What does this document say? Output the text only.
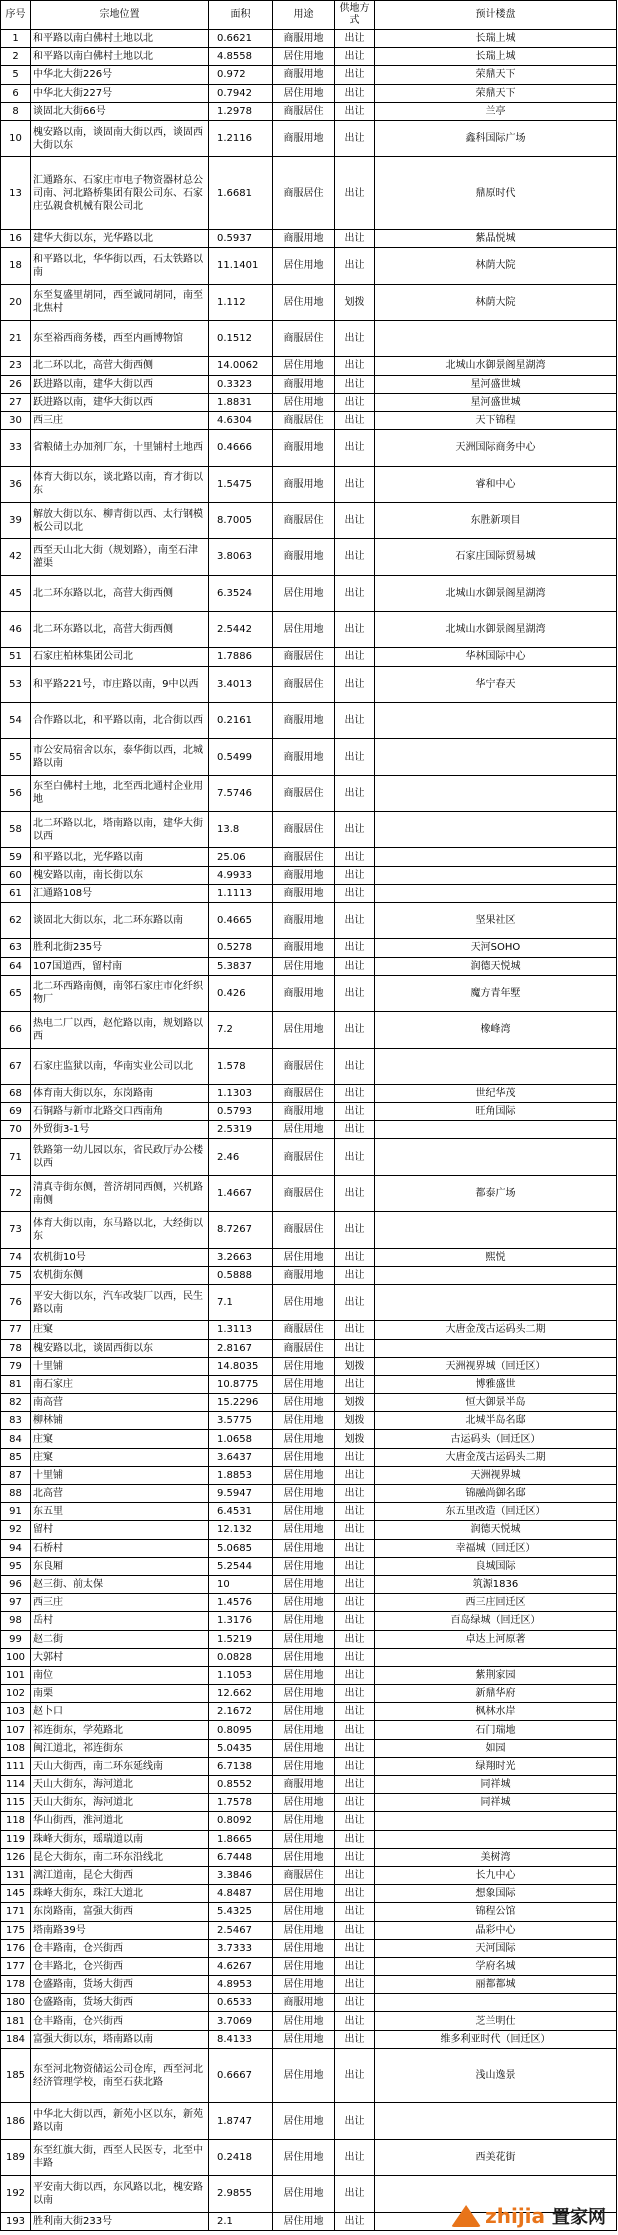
序号	宗地位置	面积	用途	供地方式	预计楼盘
1	和平路以南白佛村土地以北	0.6621	商服用地	出让	长瑞上城
2	和平路以南白佛村土地以北	4.8558	居住用地	出让	长瑞上城
5	中华北大街226号	0.972	商服用地	出让	荣鼎天下
6	中华北大街227号	0.7942	居住用地	出让	荣鼎天下
8	谈固北大街66号	1.2978	商服居住	出让	兰亭
10	槐安路以南，谈固南大街以西，谈固西大街以东	1.2116	商服用地	出让	鑫科国际广场
13	汇通路东、石家庄市电子物资器材总公司南、河北路桥集团有限公司东、石家庄弘親食机械有限公司北	1.6681	商服居住	出让	鼎原时代
16	建华大街以东，光华路以北	0.5937	商服用地	出让	紫晶悦城
18	和平路以北，华华街以西，石太铁路以南	11.1401	居住用地	出让	林荫大院
20	东至复盛里胡同，西至诚同胡同，南至北焦村	1.112	居住用地	划拨	林荫大院
21	东至裕西商务楼，西至内画博物馆	0.1512	商服居住	出让	
23	北二环以北，高营大街西侧	14.0062	居住用地	出让	北城山水御景阁星湖湾
26	跃进路以南，建华大街以西	0.3323	商服用地	出让	星河盛世城
27	跃进路以南，建华大街以西	1.8831	居住用地	出让	星河盛世城
30	西三庄	4.6304	商服居住	出让	天下锦程
33	省粮储土办加剂厂东，十里铺村土地西	0.4666	商服用地	出让	天洲国际商务中心
36	体育大街以东，谈北路以南，育才街以东	1.5475	商服用地	出让	睿和中心
39	解放大街以东、柳青街以西、太行钢模板公司以北	8.7005	商服居住	出让	东胜新项目
42	西至天山北大街（规划路），南至石津灌渠	3.8063	商服用地	出让	石家庄国际贸易城
45	北二环东路以北，高营大街西侧	6.3524	居住用地	出让	北城山水御景阁星湖湾
46	北二环东路以北，高营大街西侧	2.5442	居住用地	出让	北城山水御景阁星湖湾
51	石家庄柏林集团公司北	1.7886	商服居住	出让	华林国际中心
53	和平路221号，市庄路以南，9中以西	3.4013	商服居住	出让	华宁春天
54	合作路以北，和平路以南，北合街以西	0.2161	商服用地	出让	
55	市公安局宿舍以东，泰华街以西，北城路以南	0.5499	商服用地	出让	
56	东至白佛村土地，北至西北通村企业用地	7.5746	商服居住	出让	
58	北二环路以北，塔南路以南，建华大街以西	13.8	商服居住	出让	
59	和平路以北，光华路以南	25.06	商服居住	出让	
60	槐安路以南，南长街以东	4.9933	商服用地	出让	
61	汇通路108号	1.1113	商服用地	出让	
62	谈固北大街以东，北二环东路以南	0.4665	商服用地	出让	坚果社区
63	胜利北街235号	0.5278	商服用地	出让	天河SOHO
64	107国道西，留村南	5.3837	居住用地	出让	润德天悦城
65	北二环西路南侧，南邻石家庄市化纤织物厂	0.426	商服用地	出让	魔方青年墅
66	热电二厂以西，赵佗路以南，规划路以西	7.2	居住用地	出让	橡峰湾
67	石家庄监狱以南，华南实业公司以北	1.578	商服居住	出让	
68	体育南大街以东，东岗路南	1.1303	商服居住	出让	世纪华茂
69	石铜路与新市北路交口西南角	0.5793	商服用地	出让	旺角国际
70	外贸街3-1号	2.5319	居住用地	出让	
71	铁路第一幼儿园以东，省民政厅办公楼以西	2.46	商服居住	出让	
72	清真寺街东侧，普济胡同西侧，兴机路南侧	1.4667	商服居住	出让	都泰广场
73	体育大街以南，东马路以北，大经街以东	8.7267	商服居住	出让	
74	农机街10号	3.2663	居住用地	出让	熙悦
75	农机街东侧	0.5888	商服用地	出让	
76	平安大街以东，汽车改装厂以西，民生路以南	7.1	居住用地	出让	
77	庄窠	1.3113	商服居住	出让	大唐金茂古运码头二期
78	槐安路以北，谈固西街以东	2.8167	商服居住	出让	
79	十里铺	14.8035	居住用地	划拨	天洲视界城（回迁区）
81	南石家庄	10.8775	居住用地	出让	博雅盛世
82	南高营	15.2296	居住用地	划拨	恒大御景半岛
83	柳林铺	3.5775	居住用地	划拨	北城半岛名邸
84	庄窠	1.0658	居住用地	划拨	古运码头（回迁区）
85	庄窠	3.6437	居住用地	出让	大唐金茂古运码头二期
87	十里铺	1.8853	居住用地	出让	天洲视界城
88	北高营	9.5947	居住用地	出让	锦融尚御名邸
91	东五里	6.4531	居住用地	出让	东五里改造（回迁区）
92	留村	12.132	居住用地	出让	润德天悦城
94	石桥村	5.0685	居住用地	出让	幸福城（回迁区）
95	东良厢	5.2544	居住用地	出让	良城国际
96	赵三街、前太保	10	居住用地	出让	筑源1836
97	西三庄	1.4576	居住用地	出让	西三庄回迁区
98	岳村	1.3176	居住用地	出让	百岛绿城（回迁区）
99	赵二街	1.5219	居住用地	出让	卓达上河原著
100	大郭村	0.0828	居住用地	出让	
101	南位	1.1053	居住用地	出让	紫荆家园
102	南栗	12.662	居住用地	出让	新鼎华府
103	赵卜口	2.1672	居住用地	出让	枫林水岸
107	祁连街东，学苑路北	0.8095	居住用地	出让	石门瑞地
108	闽江道北，祁连街东	5.0435	居住用地	出让	如园
111	天山大街西，南二环东延线南	6.7138	居住用地	出让	绿翔时光
114	天山大街东，海河道北	0.8552	商服用地	出让	同祥城
115	天山大街东，海河道北	1.7578	居住用地	出让	同祥城
118	华山街西，淮河道北	0.8092	居住用地	出让	
119	珠峰大街东，瑶瑞道以南	1.8665	居住用地	出让	
126	昆仑大街东，南二环东沿线北	6.7448	居住用地	出让	美树湾
131	漓江道南，昆仑大街西	3.3846	商服居住	出让	长九中心
145	珠峰大街东，珠江大道北	4.8487	居住用地	出让	想象国际
171	东岗路南，富强大街西	5.4325	居住用地	出让	锦程公馆
175	塔南路39号	2.5467	居住用地	出让	晶彩中心
176	仓丰路南，仓兴街西	3.7333	居住用地	出让	天河国际
177	仓丰路北，仓兴街西	4.6267	居住用地	出让	学府名城
178	仓盛路南，货场大街西	4.8953	居住用地	出让	丽都都城
180	仓盛路南，货场大街西	0.6533	商服用地	出让	
181	仓丰路南，仓兴街西	3.7069	居住用地	出让	芝兰明仕
184	富强大街以东，塔南路以南	8.4133	居住用地	出让	维多利亚时代（回迁区）
185	东至河北物资储运公司仓库，西至河北经济管理学校，南至石获北路	0.6667	居住用地	出让	浅山逸景
186	中华北大街以西，新苑小区以东，新苑路以南	1.8747	居住用地	出让	
189	东至红旗大街，西至人民医专，北至中丰路	0.2418	居住用地	出让	西美花街
192	平安南大街以西，东风路以北，槐安路以南	2.9855	居住用地	出让	
193	胜利南大街233号	2.1	居住用地	出让		zhijia 置家网
